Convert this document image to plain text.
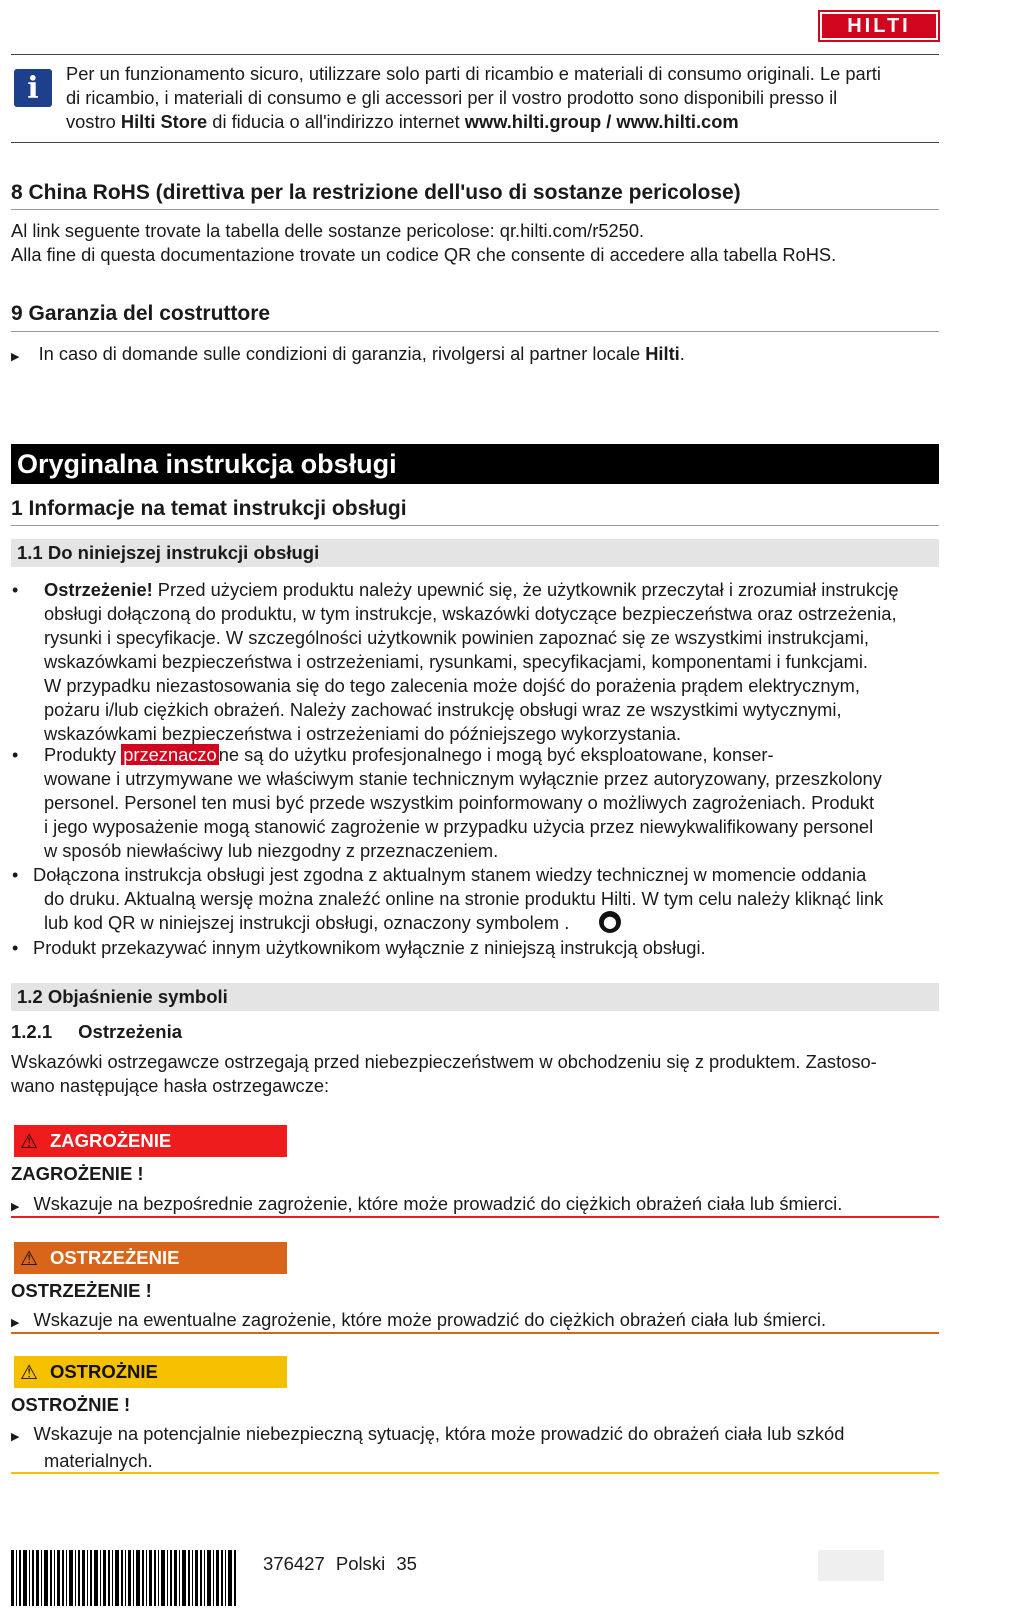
HILTI
i	Per un funzionamento sicuro, utilizzare solo parti di ricambio e materiali di consumo originali. Le parti
di ricambio, i materiali di consumo e gli accessori per il vostro prodotto sono disponibili presso il
vostro Hilti Store di fiducia o all'indirizzo internet www.hilti.group / www.hilti.com
8 China RoHS (direttiva per la restrizione dell'uso di sostanze pericolose)
Al link seguente trovate la tabella delle sostanze pericolose: qr.hilti.com/r5250.
Alla fine di questa documentazione trovate un codice QR che consente di accedere alla tabella RoHS.
9 Garanzia del costruttore
▶ In caso di domande sulle condizioni di garanzia, rivolgersi al partner locale Hilti.
Oryginalna instrukcja obsługi
1 Informacje na temat instrukcji obsługi
1.1 Do niniejszej instrukcji obsługi
• Ostrzeżenie! Przed użyciem produktu należy upewnić się, że użytkownik przeczytał i zrozumiał instrukcję
obsługi dołączoną do produktu, w tym instrukcje, wskazówki dotyczące bezpieczeństwa oraz ostrzeżenia,
rysunki i specyfikacje. W szczególności użytkownik powinien zapoznać się ze wszystkimi instrukcjami,
wskazówkami bezpieczeństwa i ostrzeżeniami, rysunkami, specyfikacjami, komponentami i funkcjami.
W przypadku niezastosowania się do tego zalecenia może dojść do porażenia prądem elektrycznym,
pożaru i/lub ciężkich obrażeń. Należy zachować instrukcję obsługi wraz ze wszystkimi wytycznymi,
wskazówkami bezpieczeństwa i ostrzeżeniami do późniejszego wykorzystania.
• Produkty przeznaczo ne są do użytku profesjonalnego i mogą być eksploatowane, konser-
wowane i utrzymywane we właściwym stanie technicznym wyłącznie przez autoryzowany, przeszkolony
personel. Personel ten musi być przede wszystkim poinformowany o możliwych zagrożeniach. Produkt
i jego wyposażenie mogą stanowić zagrożenie w przypadku użycia przez niewykwalifikowany personel
w sposób niewłaściwy lub niezgodny z przeznaczeniem.
• Dołączona instrukcja obsługi jest zgodna z aktualnym stanem wiedzy technicznej w momencie oddania
do druku. Aktualną wersję można znaleźć online na stronie produktu Hilti. W tym celu należy kliknąć link
lub kod QR w niniejszej instrukcji obsługi, oznaczony symbolem .	⬤
• Produkt przekazywać innym użytkownikom wyłącznie z niniejszą instrukcją obsługi.
1.2 Objaśnienie symboli
1.2.1 Ostrzeżenia
Wskazówki ostrzegawcze ostrzegają przed niebezpieczeństwem w obchodzeniu się z produktem. Zastoso-
wano następujące hasła ostrzegawcze:
⚠ ZAGROŻENIE
ZAGROŻENIE !
▶ Wskazuje na bezpośrednie zagrożenie, które może prowadzić do ciężkich obrażeń ciała lub śmierci.
⚠ OSTRZEŻENIE
OSTRZEŻENIE !
▶ Wskazuje na ewentualne zagrożenie, które może prowadzić do ciężkich obrażeń ciała lub śmierci.
⚠ OSTROŻNIE
OSTROŻNIE !
▶ Wskazuje na potencjalnie niebezpieczną sytuację, która może prowadzić do obrażeń ciała lub szkód
materialnych.
376427 Polski 35
